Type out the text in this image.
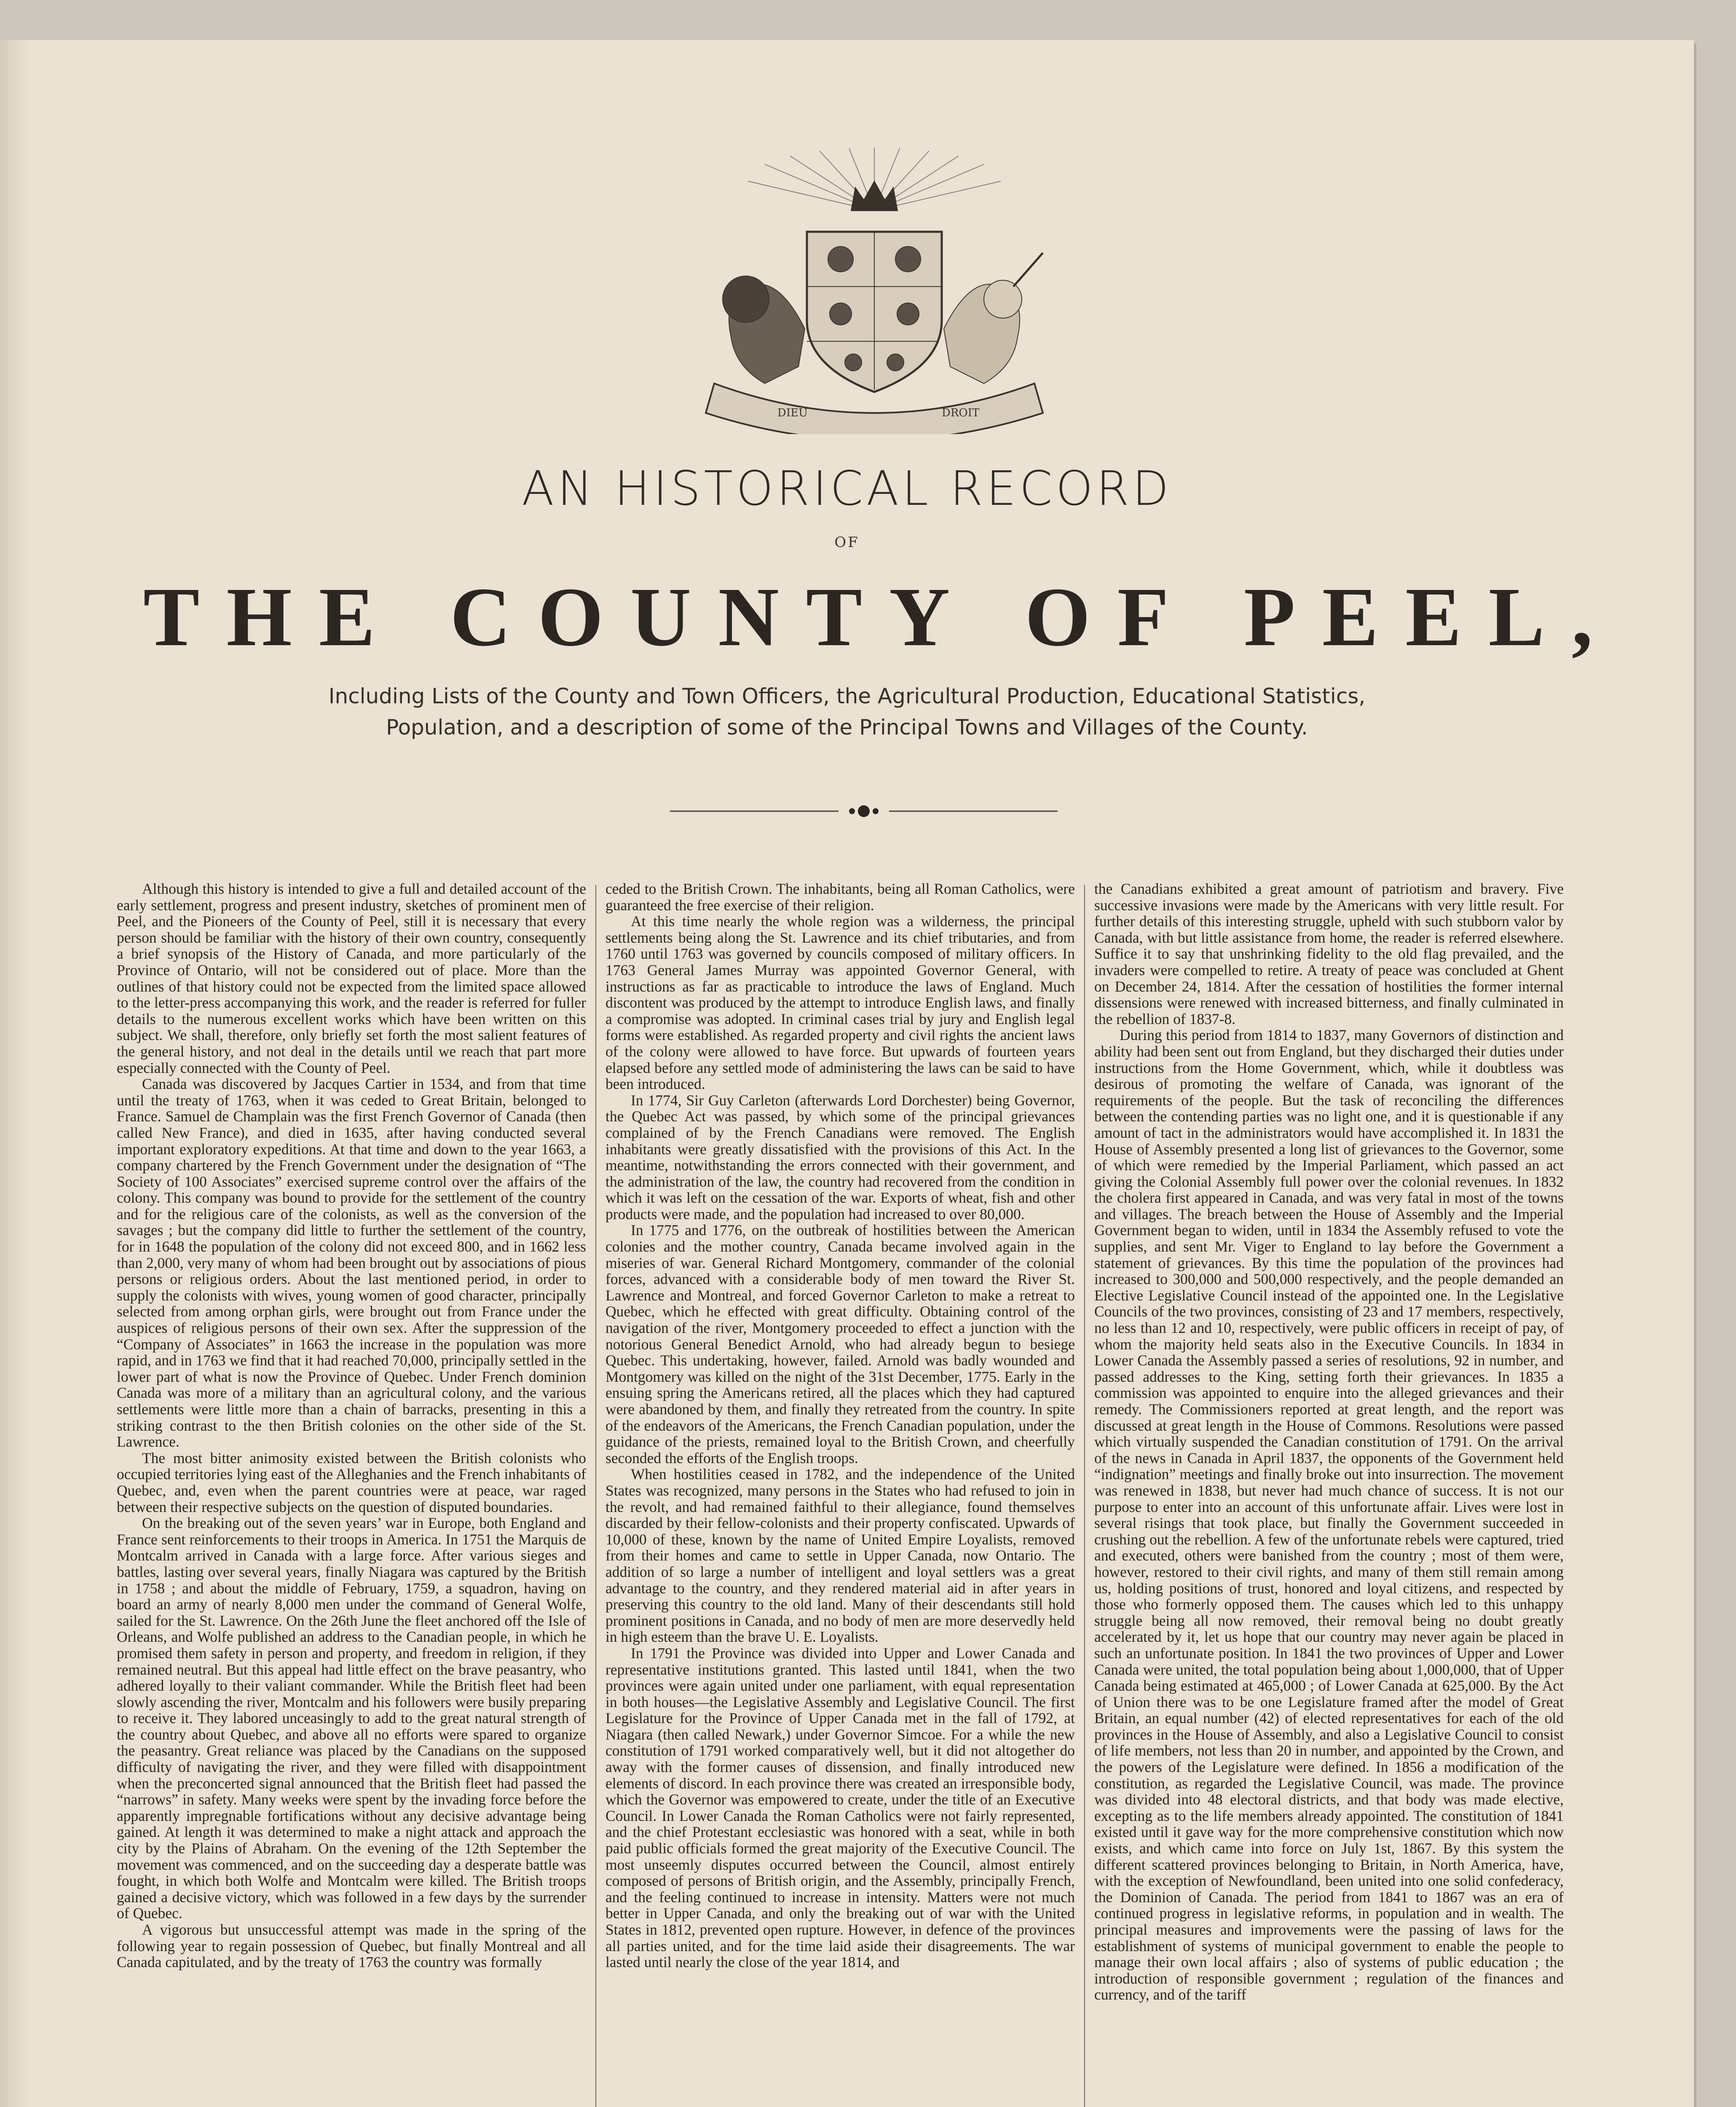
DIEU	DROIT
AN HISTORICAL RECORD
OF
T H E
C O U N T Y
O F
P E E L ,

Including Lists of the County and Town Officers, the Agricultural Production, Educational Statistics,
Population, and a description of some of the Principal Towns and Villages of the County.

Although this history is intended to give a full and detailed account of the early settlement, progress and present industry, sketches of prominent men of Peel, and the Pioneers of the County of Peel, still it is necessary that every person should be familiar with the history of their own country, consequently a brief synopsis of the History of Canada, and more particularly of the Province of Ontario, will not be considered out of place. More than the outlines of that history could not be expected from the limited space allowed to the letter-press accompanying this work, and the reader is referred for fuller details to the numerous excellent works which have been written on this subject. We shall, therefore, only briefly set forth the most salient features of the general history, and not deal in the details until we reach that part more especially connected with the County of Peel.

Canada was discovered by Jacques Cartier in 1534, and from that time until the treaty of 1763, when it was ceded to Great Britain, belonged to France. Samuel de Champlain was the first French Governor of Canada (then called New France), and died in 1635, after having conducted several important exploratory expeditions. At that time and down to the year 1663, a company chartered by the French Government under the designation of “The Society of 100 Associates” exercised supreme control over the affairs of the colony. This company was bound to provide for the settlement of the country and for the religious care of the colonists, as well as the conversion of the savages ; but the company did little to further the settlement of the country, for in 1648 the population of the colony did not exceed 800, and in 1662 less than 2,000, very many of whom had been brought out by associations of pious persons or religious orders. About the last mentioned period, in order to supply the colonists with wives, young women of good character, principally selected from among orphan girls, were brought out from France under the auspices of religious persons of their own sex. After the suppression of the “Company of Associates” in 1663 the increase in the population was more rapid, and in 1763 we find that it had reached 70,000, principally settled in the lower part of what is now the Province of Quebec. Under French dominion Canada was more of a military than an agricultural colony, and the various settlements were little more than a chain of barracks, presenting in this a striking contrast to the then British colonies on the other side of the St. Lawrence.

The most bitter animosity existed between the British colonists who occupied territories lying east of the Alleghanies and the French inhabitants of Quebec, and, even when the parent countries were at peace, war raged between their respective subjects on the question of disputed boundaries.

On the breaking out of the seven years’ war in Europe, both England and France sent reinforcements to their troops in America. In 1751 the Marquis de Montcalm arrived in Canada with a large force. After various sieges and battles, lasting over several years, finally Niagara was captured by the British in 1758 ; and about the middle of February, 1759, a squadron, having on board an army of nearly 8,000 men under the command of General Wolfe, sailed for the St. Lawrence. On the 26th June the fleet anchored off the Isle of Orleans, and Wolfe published an address to the Canadian people, in which he promised them safety in person and property, and freedom in religion, if they remained neutral. But this appeal had little effect on the brave peasantry, who adhered loyally to their valiant commander. While the British fleet had been slowly ascending the river, Montcalm and his followers were busily preparing to receive it. They labored unceasingly to add to the great natural strength of the country about Quebec, and above all no efforts were spared to organize the peasantry. Great reliance was placed by the Canadians on the supposed difficulty of navigating the river, and they were filled with disappointment when the preconcerted signal announced that the British fleet had passed the “narrows” in safety. Many weeks were spent by the invading force before the apparently impregnable fortifications without any decisive advantage being gained. At length it was determined to make a night attack and approach the city by the Plains of Abraham. On the evening of the 12th September the movement was commenced, and on the succeeding day a desperate battle was fought, in which both Wolfe and Montcalm were killed. The British troops gained a decisive victory, which was followed in a few days by the surrender of Quebec.

A vigorous but unsuccessful attempt was made in the spring of the following year to regain possession of Quebec, but finally Montreal and all Canada capitulated, and by the treaty of 1763 the country was formally

ceded to the British Crown. The inhabitants, being all Roman Catholics, were guaranteed the free exercise of their religion.

At this time nearly the whole region was a wilderness, the principal settlements being along the St. Lawrence and its chief tributaries, and from 1760 until 1763 was governed by councils composed of military officers. In 1763 General James Murray was appointed Governor General, with instructions as far as practicable to introduce the laws of England. Much discontent was produced by the attempt to introduce English laws, and finally a compromise was adopted. In criminal cases trial by jury and English legal forms were established. As regarded property and civil rights the ancient laws of the colony were allowed to have force. But upwards of fourteen years elapsed before any settled mode of administering the laws can be said to have been introduced.

In 1774, Sir Guy Carleton (afterwards Lord Dorchester) being Governor, the Quebec Act was passed, by which some of the principal grievances complained of by the French Canadians were removed. The English inhabitants were greatly dissatisfied with the provisions of this Act. In the meantime, notwithstanding the errors connected with their government, and the administration of the law, the country had recovered from the condition in which it was left on the cessation of the war. Exports of wheat, fish and other products were made, and the population had increased to over 80,000.

In 1775 and 1776, on the outbreak of hostilities between the American colonies and the mother country, Canada became involved again in the miseries of war. General Richard Montgomery, commander of the colonial forces, advanced with a considerable body of men toward the River St. Lawrence and Montreal, and forced Governor Carleton to make a retreat to Quebec, which he effected with great difficulty. Obtaining control of the navigation of the river, Montgomery proceeded to effect a junction with the notorious General Benedict Arnold, who had already begun to besiege Quebec. This undertaking, however, failed. Arnold was badly wounded and Montgomery was killed on the night of the 31st December, 1775. Early in the ensuing spring the Americans retired, all the places which they had captured were abandoned by them, and finally they retreated from the country. In spite of the endeavors of the Americans, the French Canadian population, under the guidance of the priests, remained loyal to the British Crown, and cheerfully seconded the efforts of the English troops.

When hostilities ceased in 1782, and the independence of the United States was recognized, many persons in the States who had refused to join in the revolt, and had remained faithful to their allegiance, found themselves discarded by their fellow-colonists and their property confiscated. Upwards of 10,000 of these, known by the name of United Empire Loyalists, removed from their homes and came to settle in Upper Canada, now Ontario. The addition of so large a number of intelligent and loyal settlers was a great advantage to the country, and they rendered material aid in after years in preserving this country to the old land. Many of their descendants still hold prominent positions in Canada, and no body of men are more deservedly held in high esteem than the brave U. E. Loyalists.

In 1791 the Province was divided into Upper and Lower Canada and representative institutions granted. This lasted until 1841, when the two provinces were again united under one parliament, with equal representation in both houses—the Legislative Assembly and Legislative Council. The first Legislature for the Province of Upper Canada met in the fall of 1792, at Niagara (then called Newark,) under Governor Simcoe. For a while the new constitution of 1791 worked comparatively well, but it did not altogether do away with the former causes of dissension, and finally introduced new elements of discord. In each province there was created an irresponsible body, which the Governor was empowered to create, under the title of an Executive Council. In Lower Canada the Roman Catholics were not fairly represented, and the chief Protestant ecclesiastic was honored with a seat, while in both paid public officials formed the great majority of the Executive Council. The most unseemly disputes occurred between the Council, almost entirely composed of persons of British origin, and the Assembly, principally French, and the feeling continued to increase in intensity. Matters were not much better in Upper Canada, and only the breaking out of war with the United States in 1812, prevented open rupture. However, in defence of the provinces all parties united, and for the time laid aside their disagreements. The war lasted until nearly the close of the year 1814, and

the Canadians exhibited a great amount of patriotism and bravery. Five successive invasions were made by the Americans with very little result. For further details of this interesting struggle, upheld with such stubborn valor by Canada, with but little assistance from home, the reader is referred elsewhere. Suffice it to say that unshrinking fidelity to the old flag prevailed, and the invaders were compelled to retire. A treaty of peace was concluded at Ghent on December 24, 1814. After the cessation of hostilities the former internal dissensions were renewed with increased bitterness, and finally culminated in the rebellion of 1837-8.

During this period from 1814 to 1837, many Governors of distinction and ability had been sent out from England, but they discharged their duties under instructions from the Home Government, which, while it doubtless was desirous of promoting the welfare of Canada, was ignorant of the requirements of the people. But the task of reconciling the differences between the contending parties was no light one, and it is questionable if any amount of tact in the administrators would have accomplished it. In 1831 the House of Assembly presented a long list of grievances to the Governor, some of which were remedied by the Imperial Parliament, which passed an act giving the Colonial Assembly full power over the colonial revenues. In 1832 the cholera first appeared in Canada, and was very fatal in most of the towns and villages. The breach between the House of Assembly and the Imperial Government began to widen, until in 1834 the Assembly refused to vote the supplies, and sent Mr. Viger to England to lay before the Government a statement of grievances. By this time the population of the provinces had increased to 300,000 and 500,000 respectively, and the people demanded an Elective Legislative Council instead of the appointed one. In the Legislative Councils of the two provinces, consisting of 23 and 17 members, respectively, no less than 12 and 10, respectively, were public officers in receipt of pay, of whom the majority held seats also in the Executive Councils. In 1834 in Lower Canada the Assembly passed a series of resolutions, 92 in number, and passed addresses to the King, setting forth their grievances. In 1835 a commission was appointed to enquire into the alleged grievances and their remedy. The Commissioners reported at great length, and the report was discussed at great length in the House of Commons. Resolutions were passed which virtually suspended the Canadian constitution of 1791. On the arrival of the news in Canada in April 1837, the opponents of the Government held “indignation” meetings and finally broke out into insurrection. The movement was renewed in 1838, but never had much chance of success. It is not our purpose to enter into an account of this unfortunate affair. Lives were lost in several risings that took place, but finally the Government succeeded in crushing out the rebellion. A few of the unfortunate rebels were captured, tried and executed, others were banished from the country ; most of them were, however, restored to their civil rights, and many of them still remain among us, holding positions of trust, honored and loyal citizens, and respected by those who formerly opposed them. The causes which led to this unhappy struggle being all now removed, their removal being no doubt greatly accelerated by it, let us hope that our country may never again be placed in such an unfortunate position. In 1841 the two provinces of Upper and Lower Canada were united, the total population being about 1,000,000, that of Upper Canada being estimated at 465,000 ; of Lower Canada at 625,000. By the Act of Union there was to be one Legislature framed after the model of Great Britain, an equal number (42) of elected representatives for each of the old provinces in the House of Assembly, and also a Legislative Council to consist of life members, not less than 20 in number, and appointed by the Crown, and the powers of the Legislature were defined. In 1856 a modification of the constitution, as regarded the Legislative Council, was made. The province was divided into 48 electoral districts, and that body was made elective, excepting as to the life members already appointed. The constitution of 1841 existed until it gave way for the more comprehensive constitution which now exists, and which came into force on July 1st, 1867. By this system the different scattered provinces belonging to Britain, in North America, have, with the exception of Newfoundland, been united into one solid confederacy, the Dominion of Canada. The period from 1841 to 1867 was an era of continued progress in legislative reforms, in population and in wealth. The principal measures and improvements were the passing of laws for the establishment of systems of municipal government to enable the people to manage their own local affairs ; also of systems of public education ; the introduction of responsible government ; regulation of the finances and currency, and of the tariff
